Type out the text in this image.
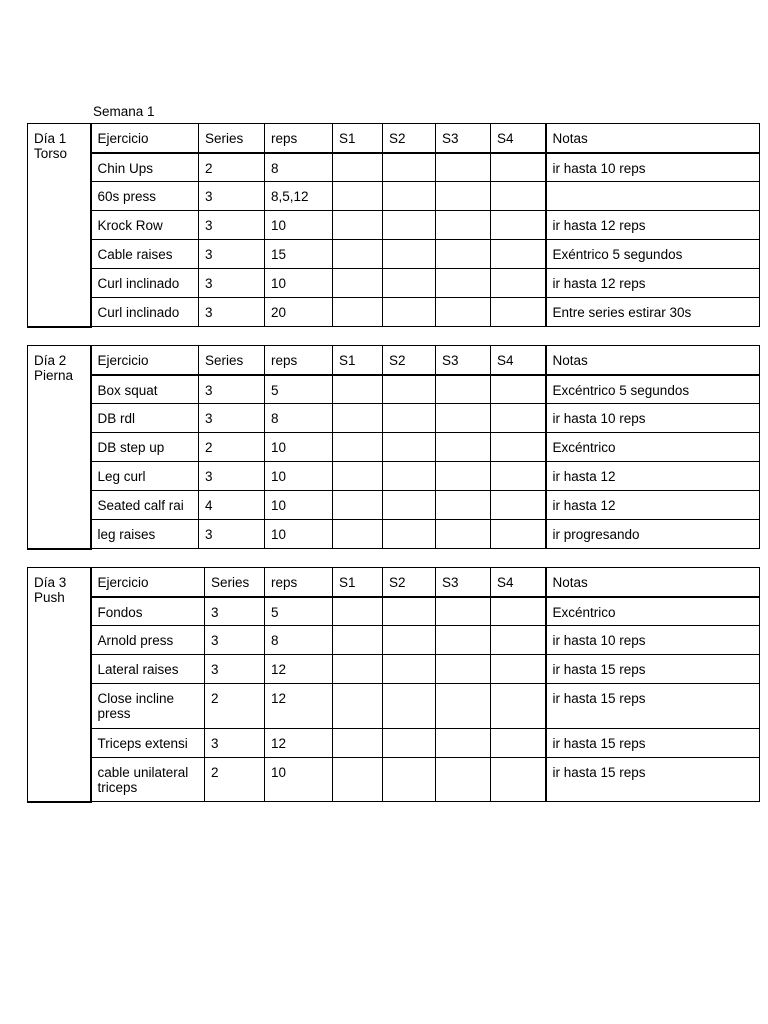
Semana 1
Día 1
Torso	Ejercicio	Series	reps	S1	S2	S3	S4	Notas
	Chin Ups	2	8					ir hasta 10 reps
	60s press	3	8,5,12					
	Krock Row	3	10					ir hasta 12 reps
	Cable raises	3	15					Exéntrico 5 segundos
	Curl inclinado	3	10					ir hasta 12 reps
	Curl inclinado	3	20					Entre series estirar 30s
Día 2
Pierna	Ejercicio	Series	reps	S1	S2	S3	S4	Notas
	Box squat	3	5					Excéntrico 5 segundos
	DB rdl	3	8					ir hasta 10 reps
	DB step up	2	10					Excéntrico
	Leg curl	3	10					ir hasta 12
	Seated calf rai	4	10					ir hasta 12
	leg raises	3	10					ir progresando
Día 3
Push	Ejercicio	Series	reps	S1	S2	S3	S4	Notas
	Fondos	3	5					Excéntrico
	Arnold press	3	8					ir hasta 10 reps
	Lateral raises	3	12					ir hasta 15 reps
	Close incline press	2	12					ir hasta 15 reps
	Triceps extensi	3	12					ir hasta 15 reps
	cable unilateral triceps	2	10					ir hasta 15 reps
